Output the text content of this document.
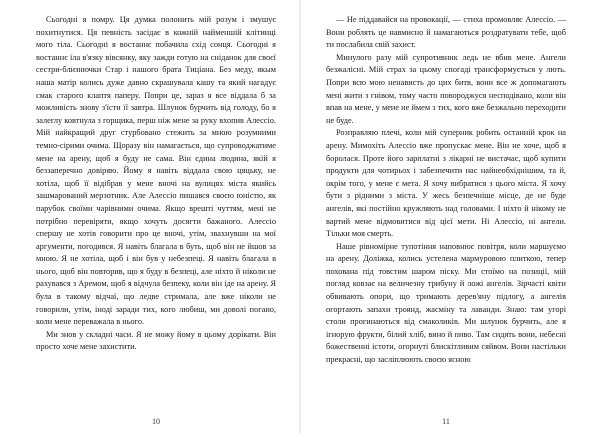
Сьогодні я помру. Ця думка полонить мій розум і змушує похитнутися. Ця певність засідає в кожній найменшій клітинці мого тіла. Сьогодні я востаннє побачила схід сонця. Сьогодні я востаннє їла в'язку вівсянку, яку зажди готую на сніданок для своєї сестри-близнючки Стар і нашого брата Тиціана. Без меду, якым наша матір колись дуже давно скрашувала кашу та який нагадує смак старого клаптя паперу. Попри це, зараз я все віддала б за можливість знову з'їсти її завтра. Шлунок бурчить від голоду, бо я залеглу ковтнула з горщика, перш ніж мене за руку вхопив Алессіо. Мій найкращий друг стурбовано стежить за мною розумними темно-сірими очима. Щоразу він намагається, що супроводжатиме мене на арену, щоб я буду не сама. Він єдина людина, якій я беззаперечно довіряю. Йому я навіть віддала свою цяцьку, не хотіла, щоб її відібрав у мене вночі на вулицях міста якийсь зашмарований мерзотник. Але Алессіо пишався своєю юністю, як парубок своїми чарівними очима. Якщо врешті чуттям, мені не потрібно перевіряти, якщо хочуть досягти бажаного. Алессіо спершу не хотів говорити про це вночі, утім, звахнувши на мої аргументи, погодився. Я навіть благала в буть, щоб він не йшов за мною. Я не хотіла, щоб і він був у небезпеці. Я навіть благала в нього, щоб він повторив, що я буду в безпеці, але ніхто й ніколи не рахувався з Аремом, щоб я відчула безпеку, коли він іде на арену. Я була в такому відчаї, що ледве стримала, але вже ніколи не говорили, утім, іноді заради тих, кого любиш, ми доволі погано, коли мене переважала в нього.

Ми знов у складні часи. Я не можу йому в цьому дорікати. Він просто хоче мене захистити.

— Не піддавайся на провокації, — стиха промовляє Алессіо. — Вони роблять це навмисно й намагаються роздратувати тебе, щоб ти послабила свій захист.

Минулого разу мій супротивник ледь не вбив мене. Ангели безжалісні. Мій страх за цьому спогаді трансформується у лють. Попри всю мою ненависть до цих битв, вони все ж допомагають мені жити з гнівом, тому часто повороджуся несподівано, коли він впав на мене, у мене не ймем з тих, кого вже безжально переходити не буде.

Розправляю плечі, коли мій суперник робить останній крок на арену. Мимохіть Алессіо вже пропускає мене. Він не хоче, щоб я боролася. Проте його зарплатні з лікарні не вистачає, щоб купити продукти для чотирьох і забезпечити нас найнеобхіднішим, та й, окрім того, у мене є мета. Я хочу вибратися з цього міста. Я хочу бути з рідними з міста. У жесь безпечніше місце, де не буде ангелів, які постійно кружляють над головами. І ніхто й нікому не вартий мене відмовитися від цієї мети. Ні Алессіо, ні ангели. Тільки моя смерть.

Наше рівномірне тупотіння наповнює повітря, коли маршуємо на арену. Доліжка, колись устелена мармуровою плиткою, тепер похована під товстим шаром піску. Ми стоїмо на позиції, мій погляд ковзає на величезну трибуну й ложі ангелів. Зірчасті квіти обвивають опори, що тримають дерев'яну підлогу, а ангелів огортають запахи троянд, жасміну та лаванди. Знаю: там угорі столи прогинаються від смаколиків. Ми шлунок бурчить, але я ігнорую фрукти, білий хліб, вино й пиво. Там сидять вони, небесні божественні істоти, огорнуті блискітливим сяйвом. Вони настільки прекрасні, що засліплюють своєю ясною

10	11
